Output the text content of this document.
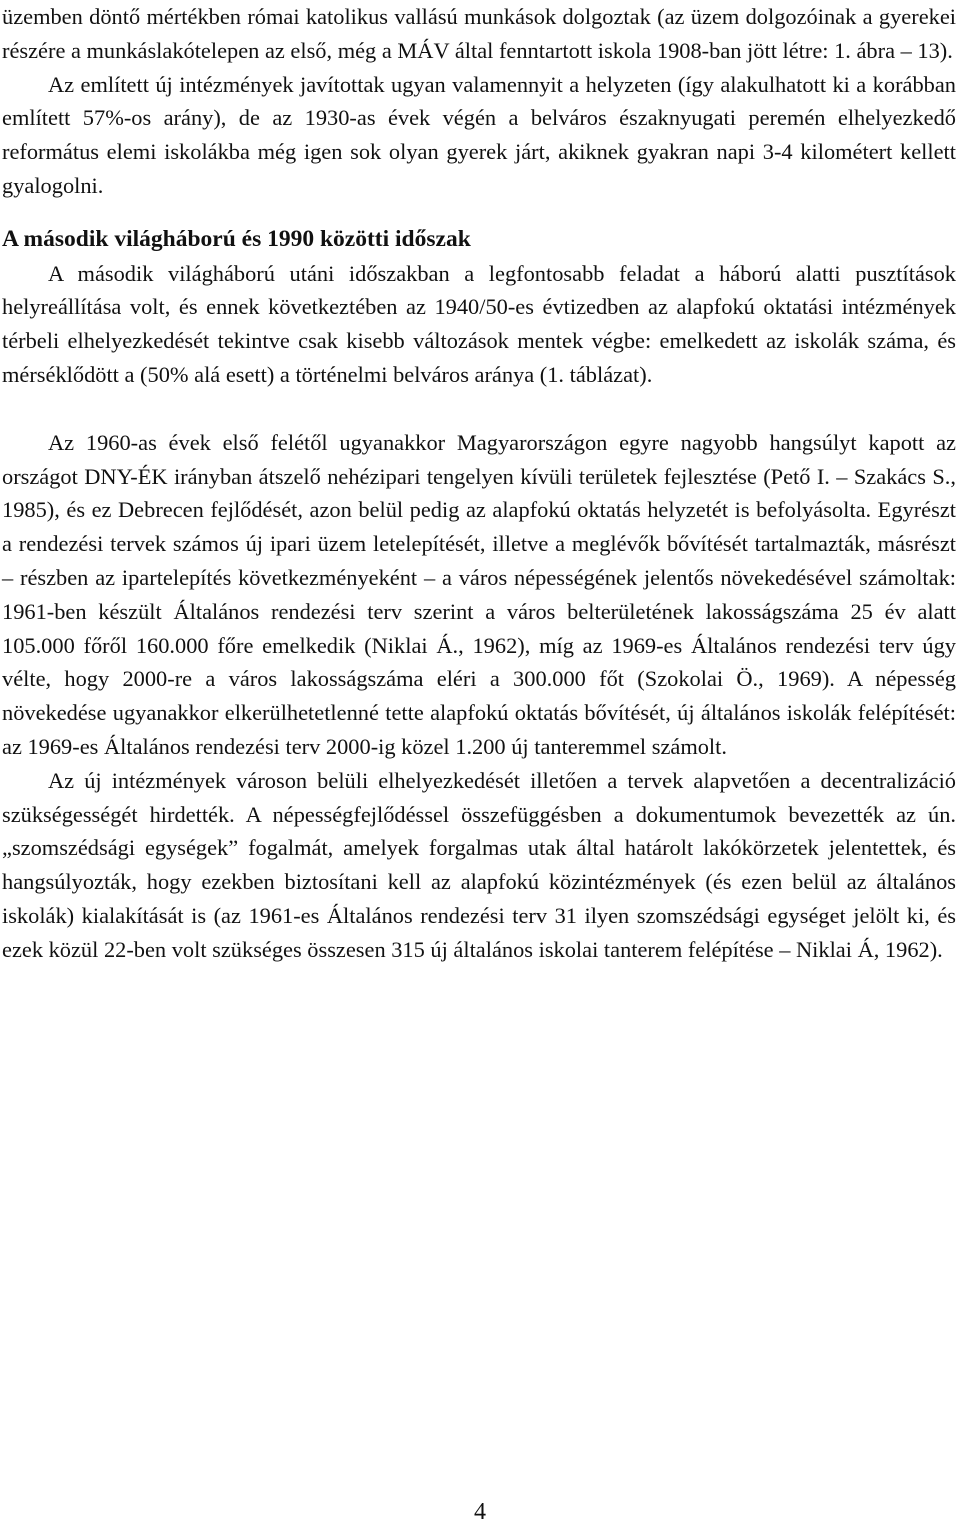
üzemben döntő mértékben római katolikus vallású munkások dolgoztak (az üzem dolgozóinak a gyerekei részére a munkáslakótelepen az első, még a MÁV által fenntartott iskola 1908-ban jött létre: 1. ábra – 13).

Az említett új intézmények javítottak ugyan valamennyit a helyzeten (így alakulhatott ki a korábban említett 57%-os arány), de az 1930-as évek végén a belváros északnyugati peremén elhelyezkedő református elemi iskolákba még igen sok olyan gyerek járt, akiknek gyakran napi 3-4 kilométert kellett gyalogolni.

A második világháború és 1990 közötti időszak

A második világháború utáni időszakban a legfontosabb feladat a háború alatti pusztítások helyreállítása volt, és ennek következtében az 1940/50-es évtizedben az alapfokú oktatási intézmények térbeli elhelyezkedését tekintve csak kisebb változások mentek végbe: emelkedett az iskolák száma, és mérséklődött a (50% alá esett) a történelmi belváros aránya (1. táblázat).

Az 1960-as évek első felétől ugyanakkor Magyarországon egyre nagyobb hangsúlyt kapott az országot DNY-ÉK irányban átszelő nehézipari tengelyen kívüli területek fejlesztése (Pető I. – Szakács S., 1985), és ez Debrecen fejlődését, azon belül pedig az alapfokú oktatás helyzetét is befolyásolta. Egyrészt a rendezési tervek számos új ipari üzem letelepítését, illetve a meglévők bővítését tartalmazták, másrészt – részben az ipartelepítés következményeként – a város népességének jelentős növekedésével számoltak: 1961-ben készült Általános rendezési terv szerint a város belterületének lakosságszáma 25 év alatt 105.000 főről 160.000 főre emelkedik (Niklai Á., 1962), míg az 1969-es Általános rendezési terv úgy vélte, hogy 2000-re a város lakosságszáma eléri a 300.000 főt (Szokolai Ö., 1969). A népesség növekedése ugyanakkor elkerülhetetlenné tette alapfokú oktatás bővítését, új általános iskolák felépítését: az 1969-es Általános rendezési terv 2000-ig közel 1.200 új tanteremmel számolt.

Az új intézmények városon belüli elhelyezkedését illetően a tervek alapvetően a decentralizáció szükségességét hirdették. A népességfejlődéssel összefüggésben a dokumentumok bevezették az ún. „szomszédsági egységek” fogalmát, amelyek forgalmas utak által határolt lakókörzetek jelentettek, és hangsúlyozták, hogy ezekben biztosítani kell az alapfokú közintézmények (és ezen belül az általános iskolák) kialakítását is (az 1961-es Általános rendezési terv 31 ilyen szomszédsági egységet jelölt ki, és ezek közül 22-ben volt szükséges összesen 315 új általános iskolai tanterem felépítése – Niklai Á, 1962).

4
